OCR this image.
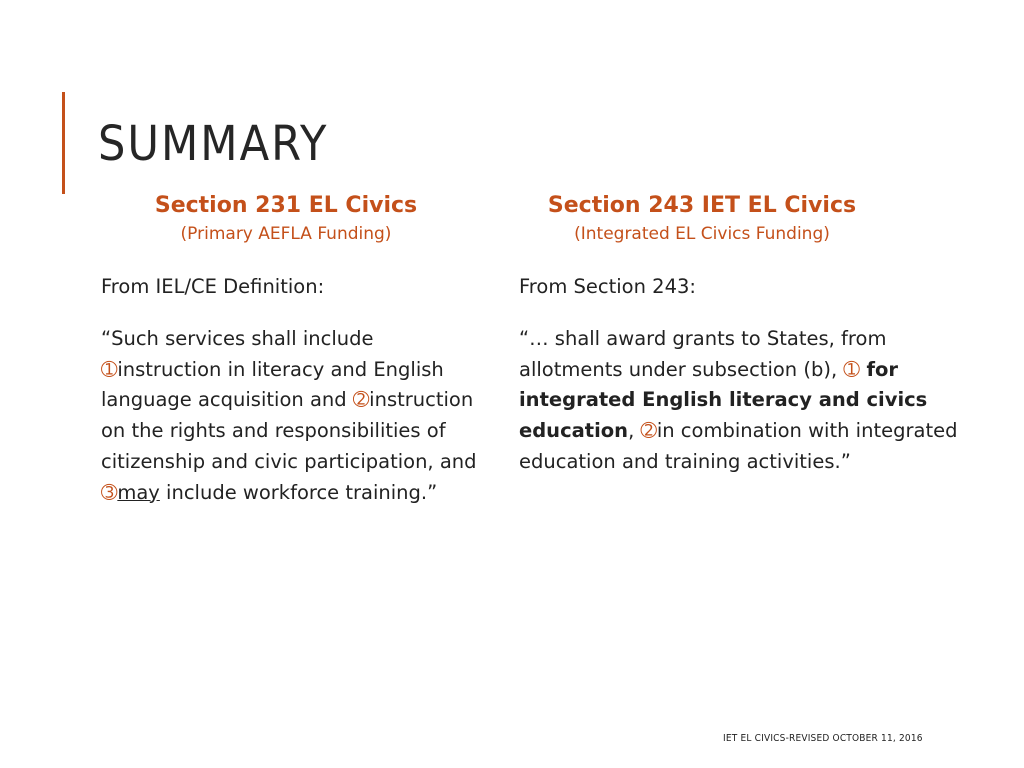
SUMMARY
Section 231 EL Civics
(Primary AEFLA Funding)
From IEL/CE Definition:
“Such services shall include ➀instruction in literacy and English language acquisition and ➁instruction on the rights and responsibilities of citizenship and civic participation, and ➂may include workforce training.”
Section 243 IET EL Civics
(Integrated EL Civics Funding)
From Section 243:
“… shall award grants to States, from allotments under subsection (b), ➀ for integrated English literacy and civics education, ➁in combination with integrated education and training activities.”
IET EL CIVICS-REVISED OCTOBER 11, 2016
